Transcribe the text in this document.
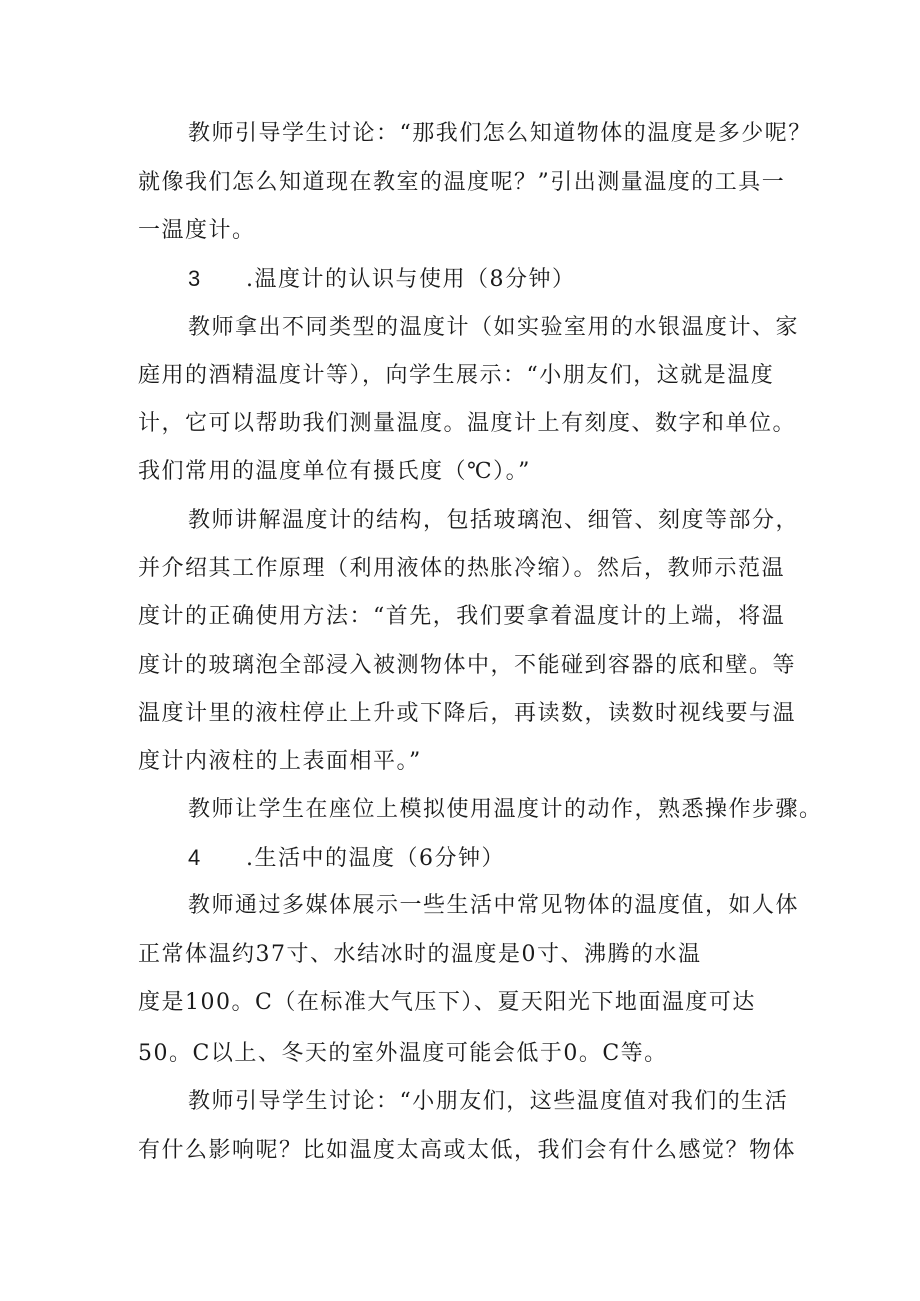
教师引导学生讨论：“那我们怎么知道物体的温度是多少呢？
就像我们怎么知道现在教室的温度呢？”引出测量温度的工具一
一温度计。
3 .温度计的认识与使用（8分钟）
教师拿出不同类型的温度计（如实验室用的水银温度计、家
庭用的酒精温度计等），向学生展示：“小朋友们，这就是温度
计，它可以帮助我们测量温度。温度计上有刻度、数字和单位。
我们常用的温度单位有摄氏度（℃）。”
教师讲解温度计的结构，包括玻璃泡、细管、刻度等部分，
并介绍其工作原理（利用液体的热胀冷缩）。然后，教师示范温
度计的正确使用方法：“首先，我们要拿着温度计的上端，将温
度计的玻璃泡全部浸入被测物体中，不能碰到容器的底和壁。等
温度计里的液柱停止上升或下降后，再读数，读数时视线要与温
度计内液柱的上表面相平。”
教师让学生在座位上模拟使用温度计的动作，熟悉操作步骤。
4 .生活中的温度（6分钟）
教师通过多媒体展示一些生活中常见物体的温度值，如人体
正常体温约37寸、水结冰时的温度是0寸、沸腾的水温
度是100。C（在标准大气压下）、夏天阳光下地面温度可达
50。C以上、冬天的室外温度可能会低于0。C等。
教师引导学生讨论：“小朋友们，这些温度值对我们的生活
有什么影响呢？比如温度太高或太低，我们会有什么感觉？物体
